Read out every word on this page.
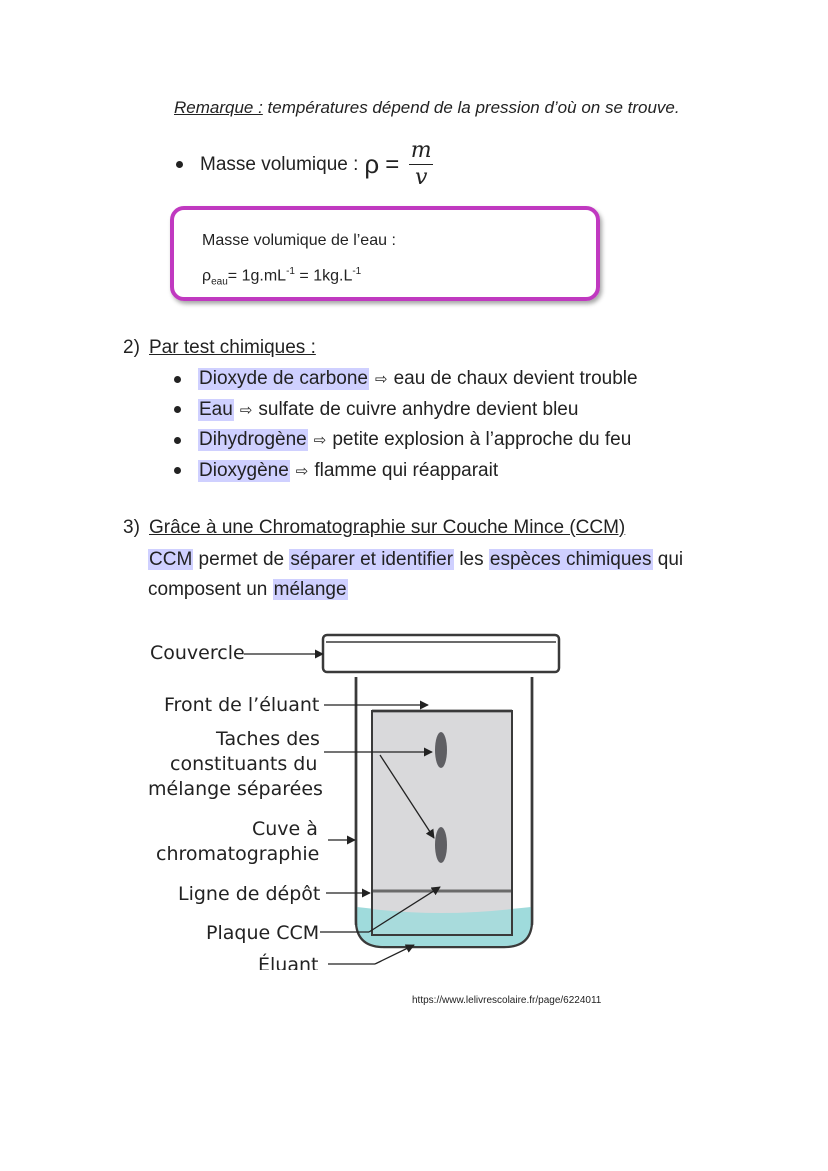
Remarque : températures dépend de la pression d’où on se trouve.
Masse volumique : $\rho = \frac{m}{v}$
Masse volumique de l’eau :
$\rho_{eau}= 1g.mL^{-1} = 1kg.L^{-1}$
2) Par test chimiques :
Dioxyde de carbone ⇨ eau de chaux devient trouble
Eau ⇨ sulfate de cuivre anhydre devient bleu
Dihydrogène ⇨ petite explosion à l’approche du feu
Dioxygène ⇨ flamme qui réapparait
3) Grâce à une Chromatographie sur Couche Mince (CCM)
CCM permet de séparer et identifier les espèces chimiques qui composent un mélange
Couvercle
Front de l’éluant
Taches des
constituants du
mélange séparées
Cuve à
chromatographie
Ligne de dépôt
Plaque CCM
Éluant
https://www.lelivrescolaire.fr/page/6224011
